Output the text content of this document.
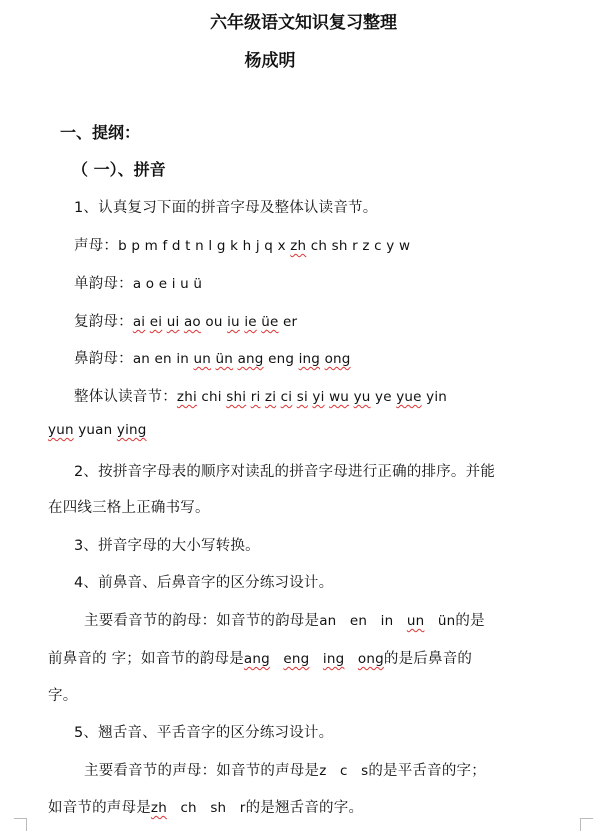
六年级语文知识复习整理
杨成明
一、提纲：
（ 一）、拼音
1、认真复习下面的拼音字母及整体认读音节。
声母：b p m f d t n l g k h j q x zh ch sh r z c y w
单韵母：a o e i u ü
复韵母：ai ei ui ao ou iu ie üe er
鼻韵母：an en in un ün ang eng ing ong
整体认读音节：zhi chi shi ri zi ci si yi wu yu ye yue yin
yun yuan ying
2、按拼音字母表的顺序对读乱的拼音字母进行正确的排序。并能
在四线三格上正确书写。
3、拼音字母的大小写转换。
4、前鼻音、后鼻音字的区分练习设计。
主要看音节的韵母：如音节的韵母是an en in un ün的是
前鼻音的 字；如音节的韵母是ang eng ing ong的是后鼻音的
字。
5、翘舌音、平舌音字的区分练习设计。
主要看音节的声母：如音节的声母是z c s的是平舌音的字；
如音节的声母是zh ch sh r的是翘舌音的字。
